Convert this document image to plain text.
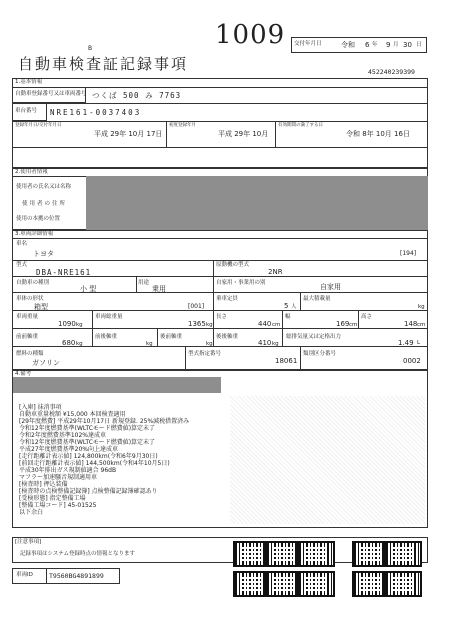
1009
B
自動車検査証記録事項
交付年月日	令和 6 年 9 月 30 日
452240239399
1.基本情報
自動車登録番号又は車両番号 つくば 500 み 7763
車台番号 NRE161-0037403
登録年月日/交付年月日
平成 29年 10月 17日
初度登録年月
平成 29年 10月
有効期間の満了する日
令和 8年 10月 16日
2.使用者情報
使用者の氏名又は名称
使用者の住所
使用の本拠の位置
3.車両詳細情報
車名
トヨタ	[194]
型式
DBA-NRE161
原動機の型式
2NR
自動車の種別
小 型
用途
乗用
自家用・事業用の別	自家用
車体の形状
箱型	[001]
乗車定員
5 人
最大積載量
kg
車両重量
1090 kg
車両総重量
1365 kg
長さ
440 cm
幅
169 cm
高さ
148 cm
前前軸重
680 kg
前後軸重
kg
後前軸重
kg
後後軸重
410 kg
総排気量又は定格出力
1.49 L
燃料の種類
ガソリン
型式指定番号
18061
類別区分番号
0002
4.備考
[入庫] 抹消事項
自動車重量税額 ¥15,000 本回検査適用
[29年度燃費] 平成29年10月17日 新規登録. 25%減税措置済み
令和12年度燃費基準(WLTCモード燃費値)算定未了
令和2年度燃費基準102%達成車
令和12年度燃費基準(WLTCモード燃費値)算定未了
平成27年度燃費基準20%向上達成車
[走行距離計表示値] 124,800km(令和6年9月30日)
[前回走行距離計表示値] 144,500km(令和4年10月5日)
平成30年排出ガス規制値適合 96dB
マフラー加速騒音規制適用車
[検査時] 押込装備
[検査時の点検整備記録簿] 点検整備記録簿確認あり
[受検形態] 指定整備工場
[整備工場コード] 45-01525
以下余白
[注意事項]
記録事項はシステム登録時点の情報となります
車両ID T9560BG4891899
